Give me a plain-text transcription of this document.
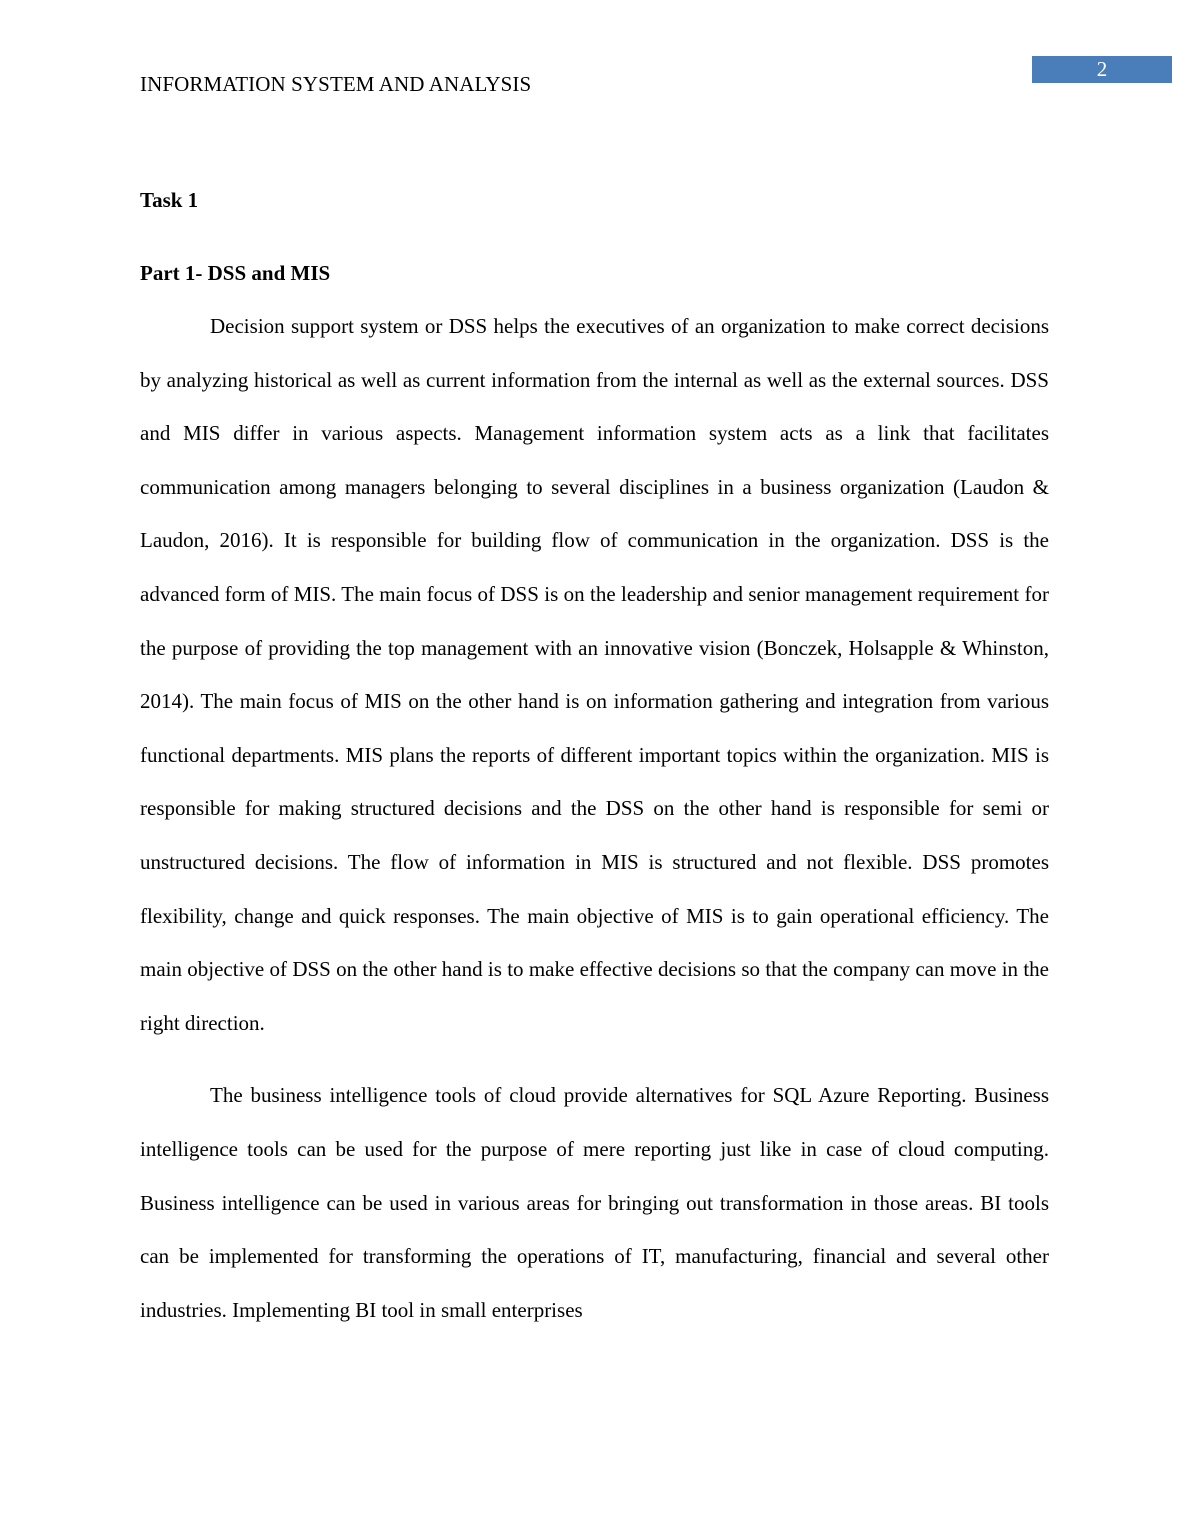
INFORMATION SYSTEM AND ANALYSIS
2
Task 1
Part 1- DSS and MIS

Decision support system or DSS helps the executives of an organization to make correct decisions by analyzing historical as well as current information from the internal as well as the external sources. DSS and MIS differ in various aspects. Management information system acts as a link that facilitates communication among managers belonging to several disciplines in a business organization (Laudon & Laudon, 2016). It is responsible for building flow of communication in the organization. DSS is the advanced form of MIS. The main focus of DSS is on the leadership and senior management requirement for the purpose of providing the top management with an innovative vision (Bonczek, Holsapple & Whinston, 2014). The main focus of MIS on the other hand is on information gathering and integration from various functional departments. MIS plans the reports of different important topics within the organization. MIS is responsible for making structured decisions and the DSS on the other hand is responsible for semi or unstructured decisions. The flow of information in MIS is structured and not flexible. DSS promotes flexibility, change and quick responses. The main objective of MIS is to gain operational efficiency. The main objective of DSS on the other hand is to make effective decisions so that the company can move in the right direction.

The business intelligence tools of cloud provide alternatives for SQL Azure Reporting. Business intelligence tools can be used for the purpose of mere reporting just like in case of cloud computing. Business intelligence can be used in various areas for bringing out transformation in those areas. BI tools can be implemented for transforming the operations of IT, manufacturing, financial and several other industries. Implementing BI tool in small enterprises
